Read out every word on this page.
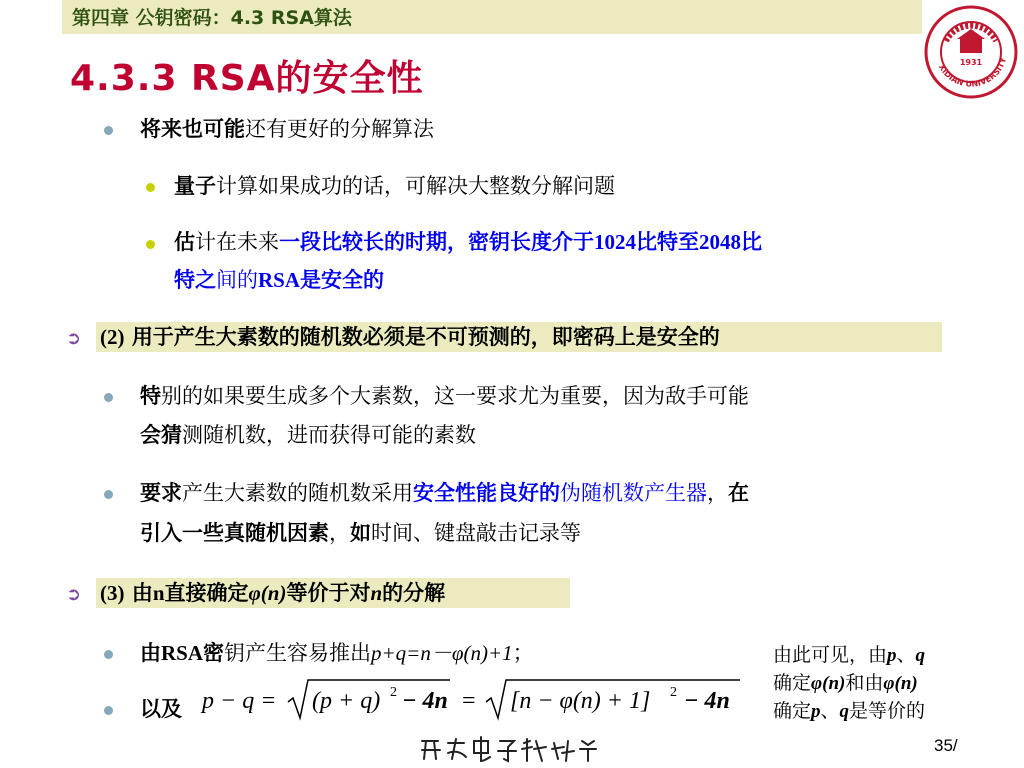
第四章 公钥密码：4.3 RSA算法
4.3.3 RSA的安全性	XIDIAN UNIVERSITY
1931
将来也可能还有更好的分解算法
量子计算如果成功的话，可解决大整数分解问题
估计在未来一段比较长的时期，密钥长度介于1024比特至2048比
特之间的RSA是安全的
➲ (2) 用于产生大素数的随机数必须是不可预测的，即密码上是安全的
特别的如果要生成多个大素数，这一要求尤为重要，因为敌手可能
会猜测随机数，进而获得可能的素数
要求产生大素数的随机数采用安全性能良好的伪随机数产生器，在
引入一些真随机因素，如时间、键盘敲击记录等
➲ (3) 由n直接确定φ(n)等价于对n的分解
由RSA密钥产生容易推出p+q=n－φ(n)+1；
以及 p − q = (p + q) 2 − 4n = [n − φ(n) + 1] 2 − 4n
由此可见，由p、q
确定φ(n)和由φ(n)
确定p、q是等价的
35/
